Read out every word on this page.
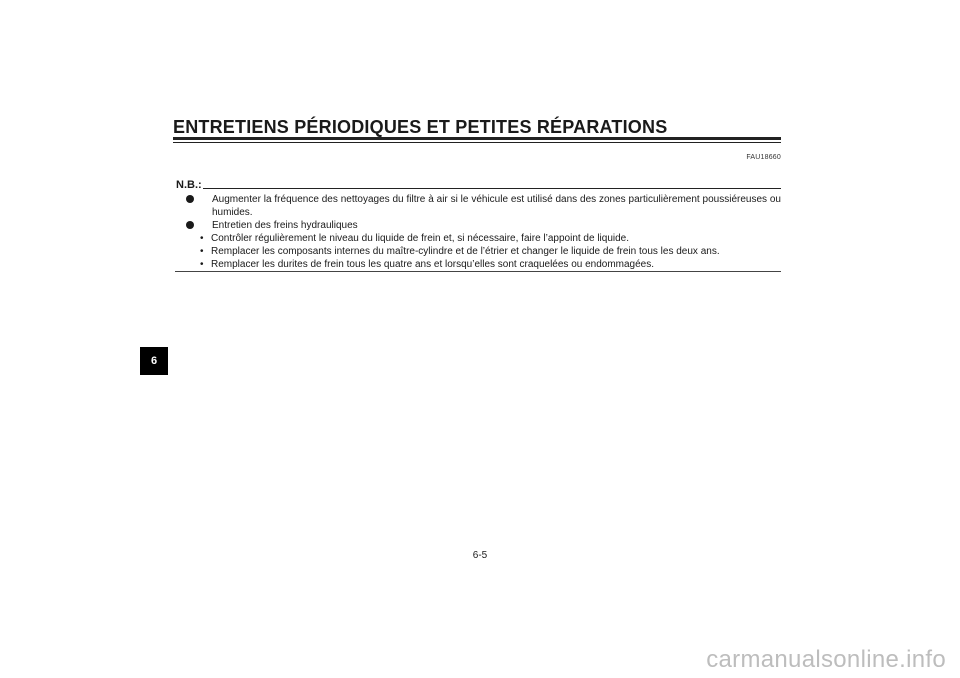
ENTRETIENS PÉRIODIQUES ET PETITES RÉPARATIONS
FAU18660
N.B.:
Augmenter la fréquence des nettoyages du filtre à air si le véhicule est utilisé dans des zones particulièrement poussiéreuses ou humides.
Entretien des freins hydrauliques
• Contrôler régulièrement le niveau du liquide de frein et, si nécessaire, faire l’appoint de liquide.
• Remplacer les composants internes du maître-cylindre et de l’étrier et changer le liquide de frein tous les deux ans.
• Remplacer les durites de frein tous les quatre ans et lorsqu’elles sont craquelées ou endommagées.
6
6-5
carmanualsonline.info
